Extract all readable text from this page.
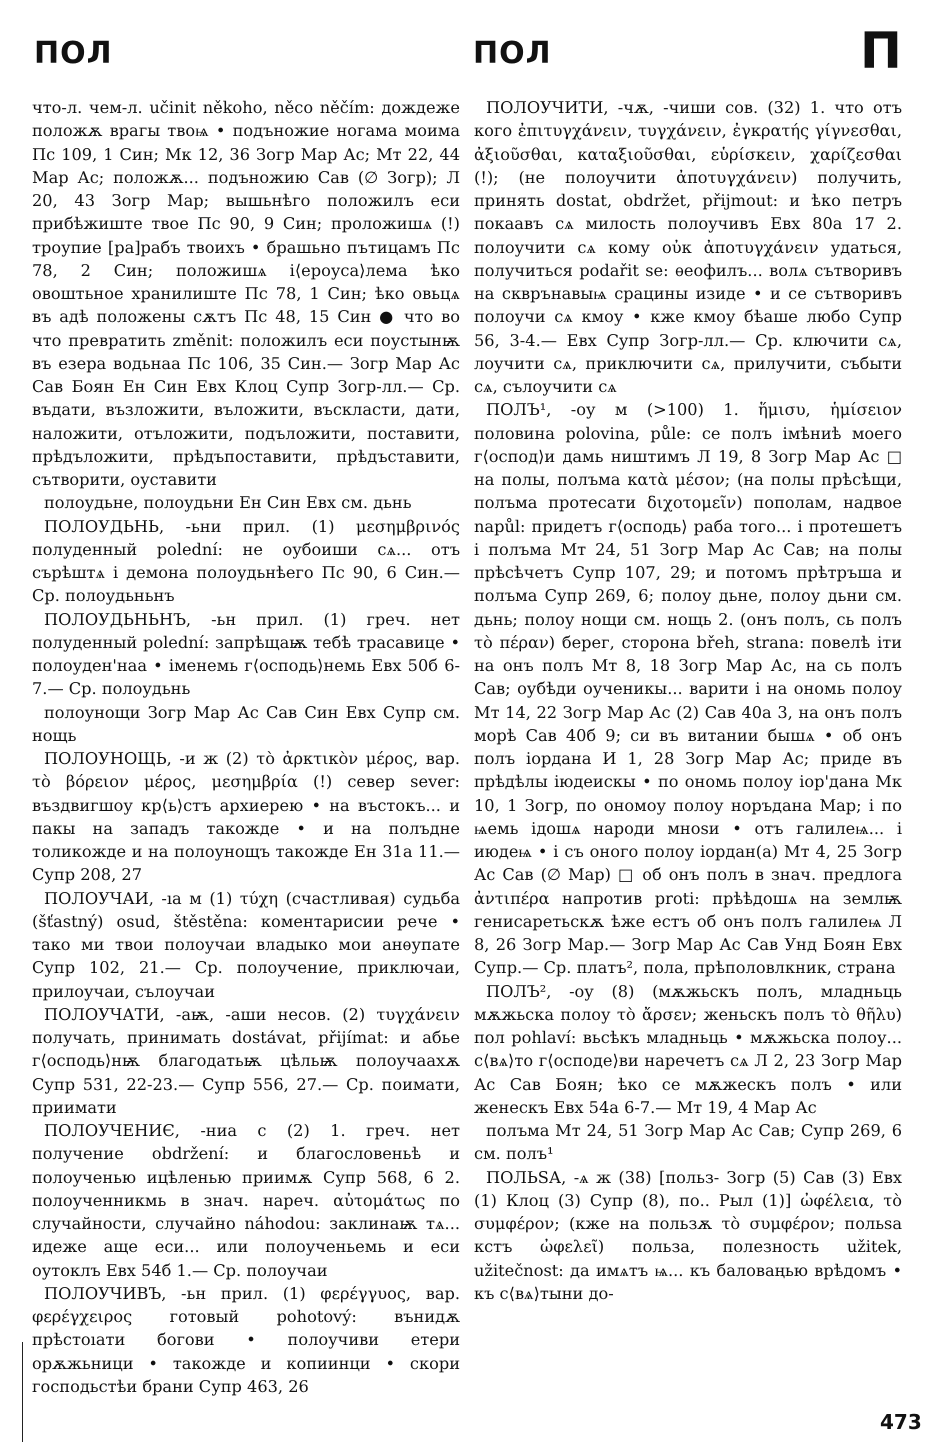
ПОЛ	ПОЛ	П

что-л. чем-л. učinit někoho, něco něčím: дождеже положѫ врагы твоѩ • подъножие ногама моима Пс 109, 1 Син; Мк 12, 36 Зогр Мар Ас; Мт 22, 44 Мар Ас; положѫ... подъножию Сав (∅ Зогр); Л 20, 43 Зогр Мар; вышьнѣго положилъ еси прибѣжиште твое Пс 90, 9 Син; проложишѧ (!) троупие [ра]рабъ твоихъ • брашьно пътицамъ Пс 78, 2 Син; положишѧ і⟨ероуса⟩лема ѣко овоштьное хранилиште Пс 78, 1 Син; ѣко овьцѧ въ адѣ положены сѫтъ Пс 48, 15 Син ● что во что превратить změnit: положилъ еси поустынѭ въ езера водьнаа Пс 106, 35 Син.— Зогр Мар Ас Сав Боян Ен Син Евх Клоц Супр Зогр-лл.— Ср. въдати, възложити, въложити, въскласти, дати, наложити, отъложити, подълoжити, поставити, прѣдъложити, прѣдъпоставити, прѣдъставити, сътворити, оуставити

полоудьне, полоудьни Ен Син Евх см. дьнь

ПОЛОУДЬНЬ, -ьни прил. (1) μεσημβρινός полуденный polední: не оубоиши сѧ... отъ сърѣштѧ і демона полоудьнѣего Пс 90, 6 Син.— Ср. полоудьньнъ

ПОЛОУДЬНЬНЪ, -ьн прил. (1) греч. нет полуденный polední: запрѣщаѭ тебѣ трасавице • полоуден'наа • іменемь г⟨осподь⟩немь Евх 50б 6-7.— Ср. полоудьнь

полоунощи Зогр Мар Ас Сав Син Евх Супр см. нощь

ПОЛОУНОЩЬ, -и ж (2) τὸ ἀρκτικὸν μέρος, вар. τὸ βόρειον μέρος, μεσημβρία (!) север sever: въздвигшоу кр⟨ь⟩стъ архиерею • на въстокъ... и пакы на западъ такожде • и на полъдне толикожде и на полоунощъ такожде Ен 31а 11.— Супр 208, 27

ПОЛОУЧАИ, -ıа м (1) τύχη (счастливая) судьба (šťastný) osud, štěstěna: коментарисии рече • тако ми твои полоучаи владыко мои анѳупате Супр 102, 21.— Ср. полоучение, приключаи, прилоучаи, сълоучаи

ПОЛОУЧАТИ, -аѭ, -аши несов. (2) τυγχάνειν получать, принимать dostávat, přijímat: и абье г⟨осподь⟩нѭ благодатьѭ цѣльѭ полоучаахѫ Супр 531, 22-23.— Супр 556, 27.— Ср. поимати, приимати

ПОЛОУЧЕНИЄ, -ниа с (2) 1. греч. нет получение obdržení: и благословеньѣ и полоученью ицѣленью приимѫ Супр 568, 6 2. полоученникмь в знач. нареч. αὐτομάτως по случайности, случайно náhodou: заклинаѭ тѧ... идеже аще еси... или полоученьемь и еси оутоклъ Евх 54б 1.— Ср. полоучаи

ПОЛОУЧИВЪ, -ьн прил. (1) φερέγγυος, вар. φερέγχειρος готовый pohotový: вънидѫ прѣстоıати богови • полоучиви етери орѫжьници • такожде и копиинци • скори господьстѣи брани Супр 463, 26

ПОЛОУЧИТИ, -чѫ, -чиши сов. (32) 1. что отъ кого ἐπιτυγχάνειν, τυγχάνειν, ἐγκρατής γίγνεσθαι, ἀξιοῦσθαι, καταξιοῦσθαι, εὑρίσκειν, χαρίζεσθαι (!); (не полоучити ἀποτυγχάνειν) получить, принять dostat, obdržet, přijmout: и ѣко петръ покаавъ сѧ милость полоучивъ Евх 80а 17 2. полоучити сѧ кому οὐκ ἀποτυγχάνειν удаться, получиться podařit se: ѳеофилъ... волѧ сътворивъ на скврънавыѩ срацины изиде • и се сътворивъ полоучи сѧ кмоу • кже кмоу бѣаше любо Супр 56, 3-4.— Евх Супр Зогр-лл.— Ср. ключити сѧ, лоучити сѧ, приключити сѧ, прилучити, събыти сѧ, сълоучити сѧ

ПОЛЪ¹, -оу м (>100) 1. ἥμισυ, ἡμίσειον половина polovina, půle: се полъ імѣниѣ моего г⟨оспод⟩и дамь ништимъ Л 19, 8 Зогр Мар Ас □ на полы, полъма κατὰ μέσον; (на полы прѣсѣщи, полъма протесати διχοτομεῖν) пополам, надвое napůl: придетъ г⟨осподь⟩ раба того... і протешетъ і полъма Мт 24, 51 Зогр Мар Ас Сав; на полы прѣсѣчетъ Супр 107, 29; и потомъ прѣтръша и полъма Супр 269, 6; полоу дьне, полоу дьни см. дьнь; полоу нощи см. нощь 2. (онъ полъ, сь полъ τὸ πέραν) берег, сторона břeh, strana: повелѣ іти на онъ полъ Мт 8, 18 Зогр Мар Ас, на сь полъ Сав; оубѣди оученикы... варити і на ономь полоу Мт 14, 22 Зогр Мар Ас (2) Сав 40а 3, на онъ полъ морѣ Сав 40б 9; си въ витании бышѧ • об онъ полъ іордана И 1, 28 Зогр Мар Ас; приде въ прѣдѣлы іюдеискы • по ономь полоу іор'дана Мк 10, 1 Зогр, по ономоу полоу норъдана Мар; і по ѩемь ідошѧ народи мноѕи • отъ галилеѩ... і июдеѩ • і съ оного полоу іордан(а) Мт 4, 25 Зогр Ас Сав (∅ Мар) □ об онъ полъ в знач. предлога ἀντιπέρα напротив proti: прѣѣдошѧ на землѭ генисаретьскѫ ѣже естъ об онъ полъ галилеѩ Л 8, 26 Зогр Мар.— Зогр Мар Ас Сав Унд Боян Евх Супр.— Ср. платъ², пола, прѣполовлкник, страна

ПОЛЪ², -оу (8) (мѫжьскъ полъ, младньць мѫжьска полоу τὸ ἄρσεν; женьскъ полъ τὸ θῆλυ) пол pohlaví: вьсѣкъ младньць • мѫжьска полоу... с⟨вѧ⟩то г⟨осподе⟩ви наречетъ сѧ Л 2, 23 Зогр Мар Ас Сав Боян; ѣко се мѫжескъ полъ • или женескъ Евх 54а 6-7.— Мт 19, 4 Мар Ас

полъма Мт 24, 51 Зогр Мар Ас Сав; Супр 269, 6 см. полъ¹

ПОЛЬЅА, -ѧ ж (38) [польз- Зогр (5) Сав (3) Евх (1) Клоц (3) Супр (8), по.. Рыл (1)] ὠφέλεια, τὸ συμφέρον; (кже на пользѫ τὸ συμφέρον; польѕа кстъ ὠφελεῖ) польза, полезность užitek, užitečnost: да имѧтъ ѩ... къ баловаңью врѣдомъ • къ с⟨вѧ⟩тыни до-

473
